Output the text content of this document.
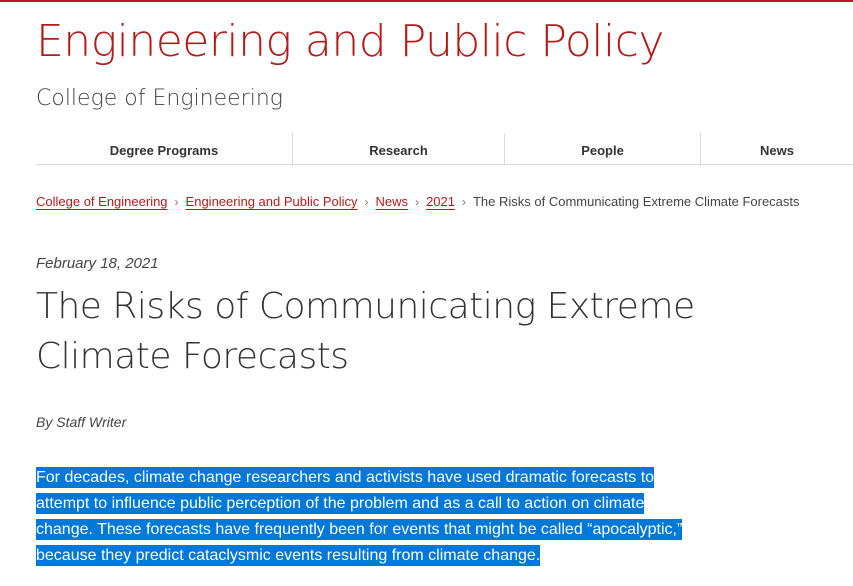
Engineering and Public Policy
College of Engineering
Degree Programs	Research	People	News
College of Engineering › Engineering and Public Policy › News › 2021 › The Risks of Communicating Extreme Climate Forecasts
February 18, 2021
The Risks of Communicating Extreme Climate Forecasts
By Staff Writer

For decades, climate change researchers and activists have used dramatic forecasts to attempt to influence public perception of the problem and as a call to action on climate change. These forecasts have frequently been for events that might be called “apocalyptic,” because they predict cataclysmic events resulting from climate change.
